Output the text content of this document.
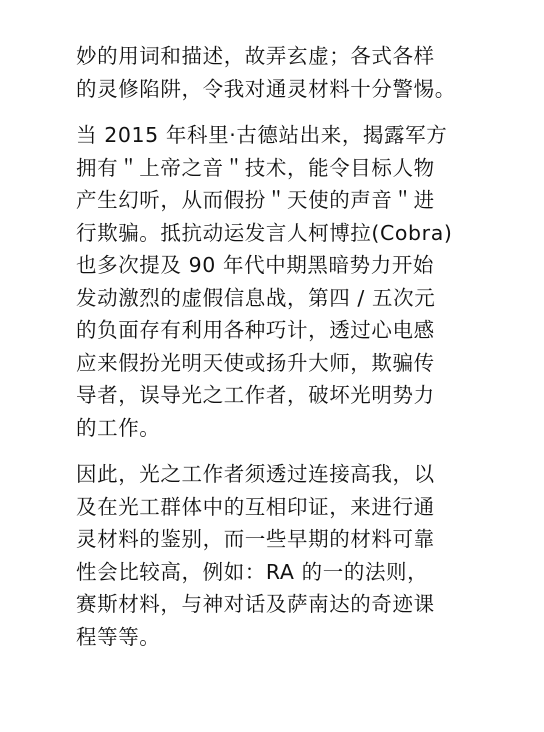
妙的用词和描述，故弄玄虚；各式各样
的灵修陷阱，令我对通灵材料十分警惕。
当 2015 年科里·古德站出来，揭露军方
拥有＂上帝之音＂技术，能令目标人物
产生幻听，从而假扮＂天使的声音＂进
行欺骗。抵抗动运发言人柯博拉(Cobra)
也多次提及 90 年代中期黑暗势力开始
发动激烈的虚假信息战，第四 / 五次元
的负面存有利用各种巧计，透过心电感
应来假扮光明天使或扬升大师，欺骗传
导者，误导光之工作者，破坏光明势力
的工作。
因此，光之工作者须透过连接高我，以
及在光工群体中的互相印证，来进行通
灵材料的鉴别，而一些早期的材料可靠
性会比较高，例如：RA 的一的法则，
赛斯材料，与神对话及萨南达的奇迹课
程等等。
